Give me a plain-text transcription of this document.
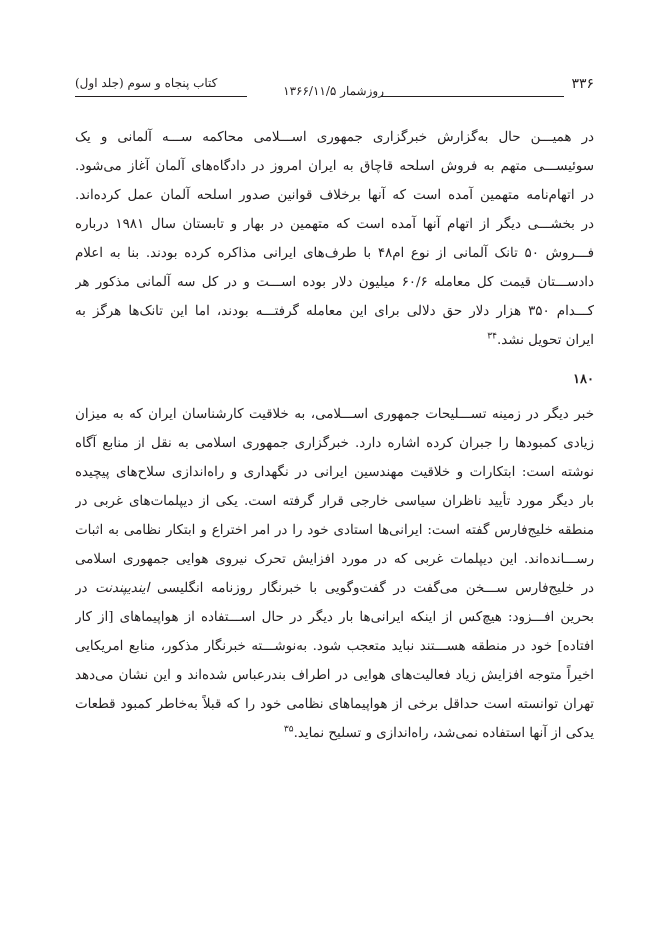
۳۳۶
روزشمار ۱۳۶۶/۱۱/۵
کتاب پنجاه و سوم (جلد اول)
در همیـــن حال به‌گزارش خبرگزاری جمهوری اســـلامی محاکمه ســـه آلمانی و یک
سوئیســـی متهم به فروش اسلحه قاچاق به ایران امروز در دادگاه‌های آلمان آغاز می‌شود.
در اتهام‌نامه متهمین آمده است که آنها برخلاف قوانین صدور اسلحه آلمان عمل کرده‌اند.
در بخشـــی دیگر از اتهام آنها آمده است که متهمین در بهار و تابستان سال ۱۹۸۱ درباره
فـــروش ۵۰ تانک آلمانی از نوع ام۴۸ با طرف‌های ایرانی مذاکره کرده بودند. بنا به اعلام
دادســـتان قیمت کل معامله ۶۰/۶ میلیون دلار بوده اســـت و در کل سه آلمانی مذکور هر
کـــدام ۳۵۰ هزار دلار حق دلالی برای این معامله گرفتـــه بودند، اما این تانک‌ها هرگز به
ایران تحویل نشد.$^{۳۴}$
۱۸۰
خبر دیگر در زمینه تســـلیحات جمهوری اســـلامی، به خلاقیت کارشناسان ایران که به میزان
زیادی کمبودها را جبران کرده اشاره دارد. خبرگزاری جمهوری اسلامی به نقل از منابع آگاه
نوشته است: ابتکارات و خلاقیت مهندسین ایرانی در نگهداری و راه‌اندازی سلاح‌های پیچیده
بار دیگر مورد تأیید ناظران سیاسی خارجی قرار گرفته است. یکی از دیپلمات‌های غربی در
منطقه خلیج‌فارس گفته است: ایرانی‌ها استادی خود را در امر اختراع و ابتکار نظامی به اثبات
رســـانده‌اند. این دیپلمات غربی که در مورد افزایش تحرک نیروی هوایی جمهوری اسلامی
در خلیج‌فارس ســـخن می‌گفت در گفت‌وگویی با خبرنگار روزنامه انگلیسی ایندیپندنت در
بحرین افـــزود: هیچ‌کس از اینکه ایرانی‌ها بار دیگر در حال اســـتفاده از هواپیماهای [از کار
افتاده] خود در منطقه هســـتند نباید متعجب شود. به‌نوشـــته خبرنگار مذکور، منابع امریکایی
اخیراً متوجه افزایش زیاد فعالیت‌های هوایی در اطراف بندرعباس شده‌اند و این نشان می‌دهد
تهران توانسته است حداقل برخی از هواپیماهای نظامی خود را که قبلاً به‌خاطر کمبود قطعات
یدکی از آنها استفاده نمی‌شد، راه‌اندازی و تسلیح نماید.$^{۳۵}$
